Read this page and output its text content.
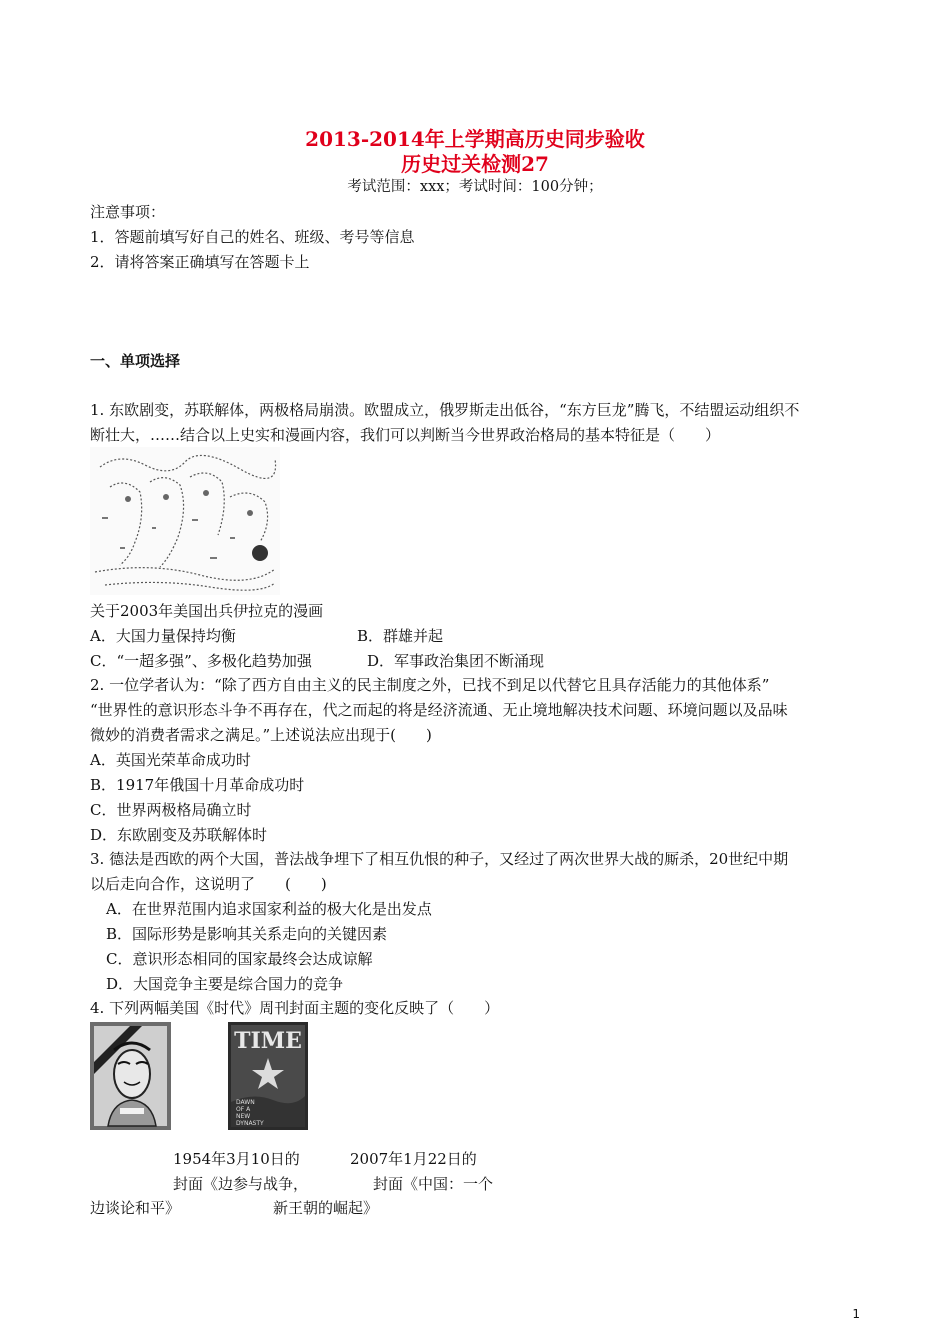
2013-2014年上学期高历史同步验收
历史过关检测27
考试范围：xxx；考试时间：100分钟；
注意事项：
1．答题前填写好自己的姓名、班级、考号等信息
2．请将答案正确填写在答题卡上
一、单项选择
1. 东欧剧变，苏联解体，两极格局崩溃。欧盟成立，俄罗斯走出低谷，“东方巨龙”腾飞，不结盟运动组织不
断壮大，……结合以上史实和漫画内容，我们可以判断当今世界政治格局的基本特征是（　　）
关于2003年美国出兵伊拉克的漫画
A．大国力量保持均衡	B．群雄并起
C．“一超多强”、多极化趋势加强	D．军事政治集团不断涌现
2. 一位学者认为：“除了西方自由主义的民主制度之外，已找不到足以代替它且具存活能力的其他体系”
“世界性的意识形态斗争不再存在，代之而起的将是经济流通、无止境地解决技术问题、环境问题以及品味
微妙的消费者需求之满足。”上述说法应出现于(　　)
A．英国光荣革命成功时
B．1917年俄国十月革命成功时
C．世界两极格局确立时
D．东欧剧变及苏联解体时
3. 德法是西欧的两个大国，普法战争埋下了相互仇恨的种子，又经过了两次世界大战的厮杀，20世纪中期
以后走向合作，这说明了　　(　　)
A．在世界范围内追求国家利益的极大化是出发点
B．国际形势是影响其关系走向的关键因素
C．意识形态相同的国家最终会达成谅解
D．大国竞争主要是综合国力的竞争
4. 下列两幅美国《时代》周刊封面主题的变化反映了（　　）
TIME
DAWN
OF A
NEW
DYNASTY
1954年3月10日的	2007年1月22日的
封面《边参与战争，	封面《中国：一个
边谈论和平》	新王朝的崛起》
1
